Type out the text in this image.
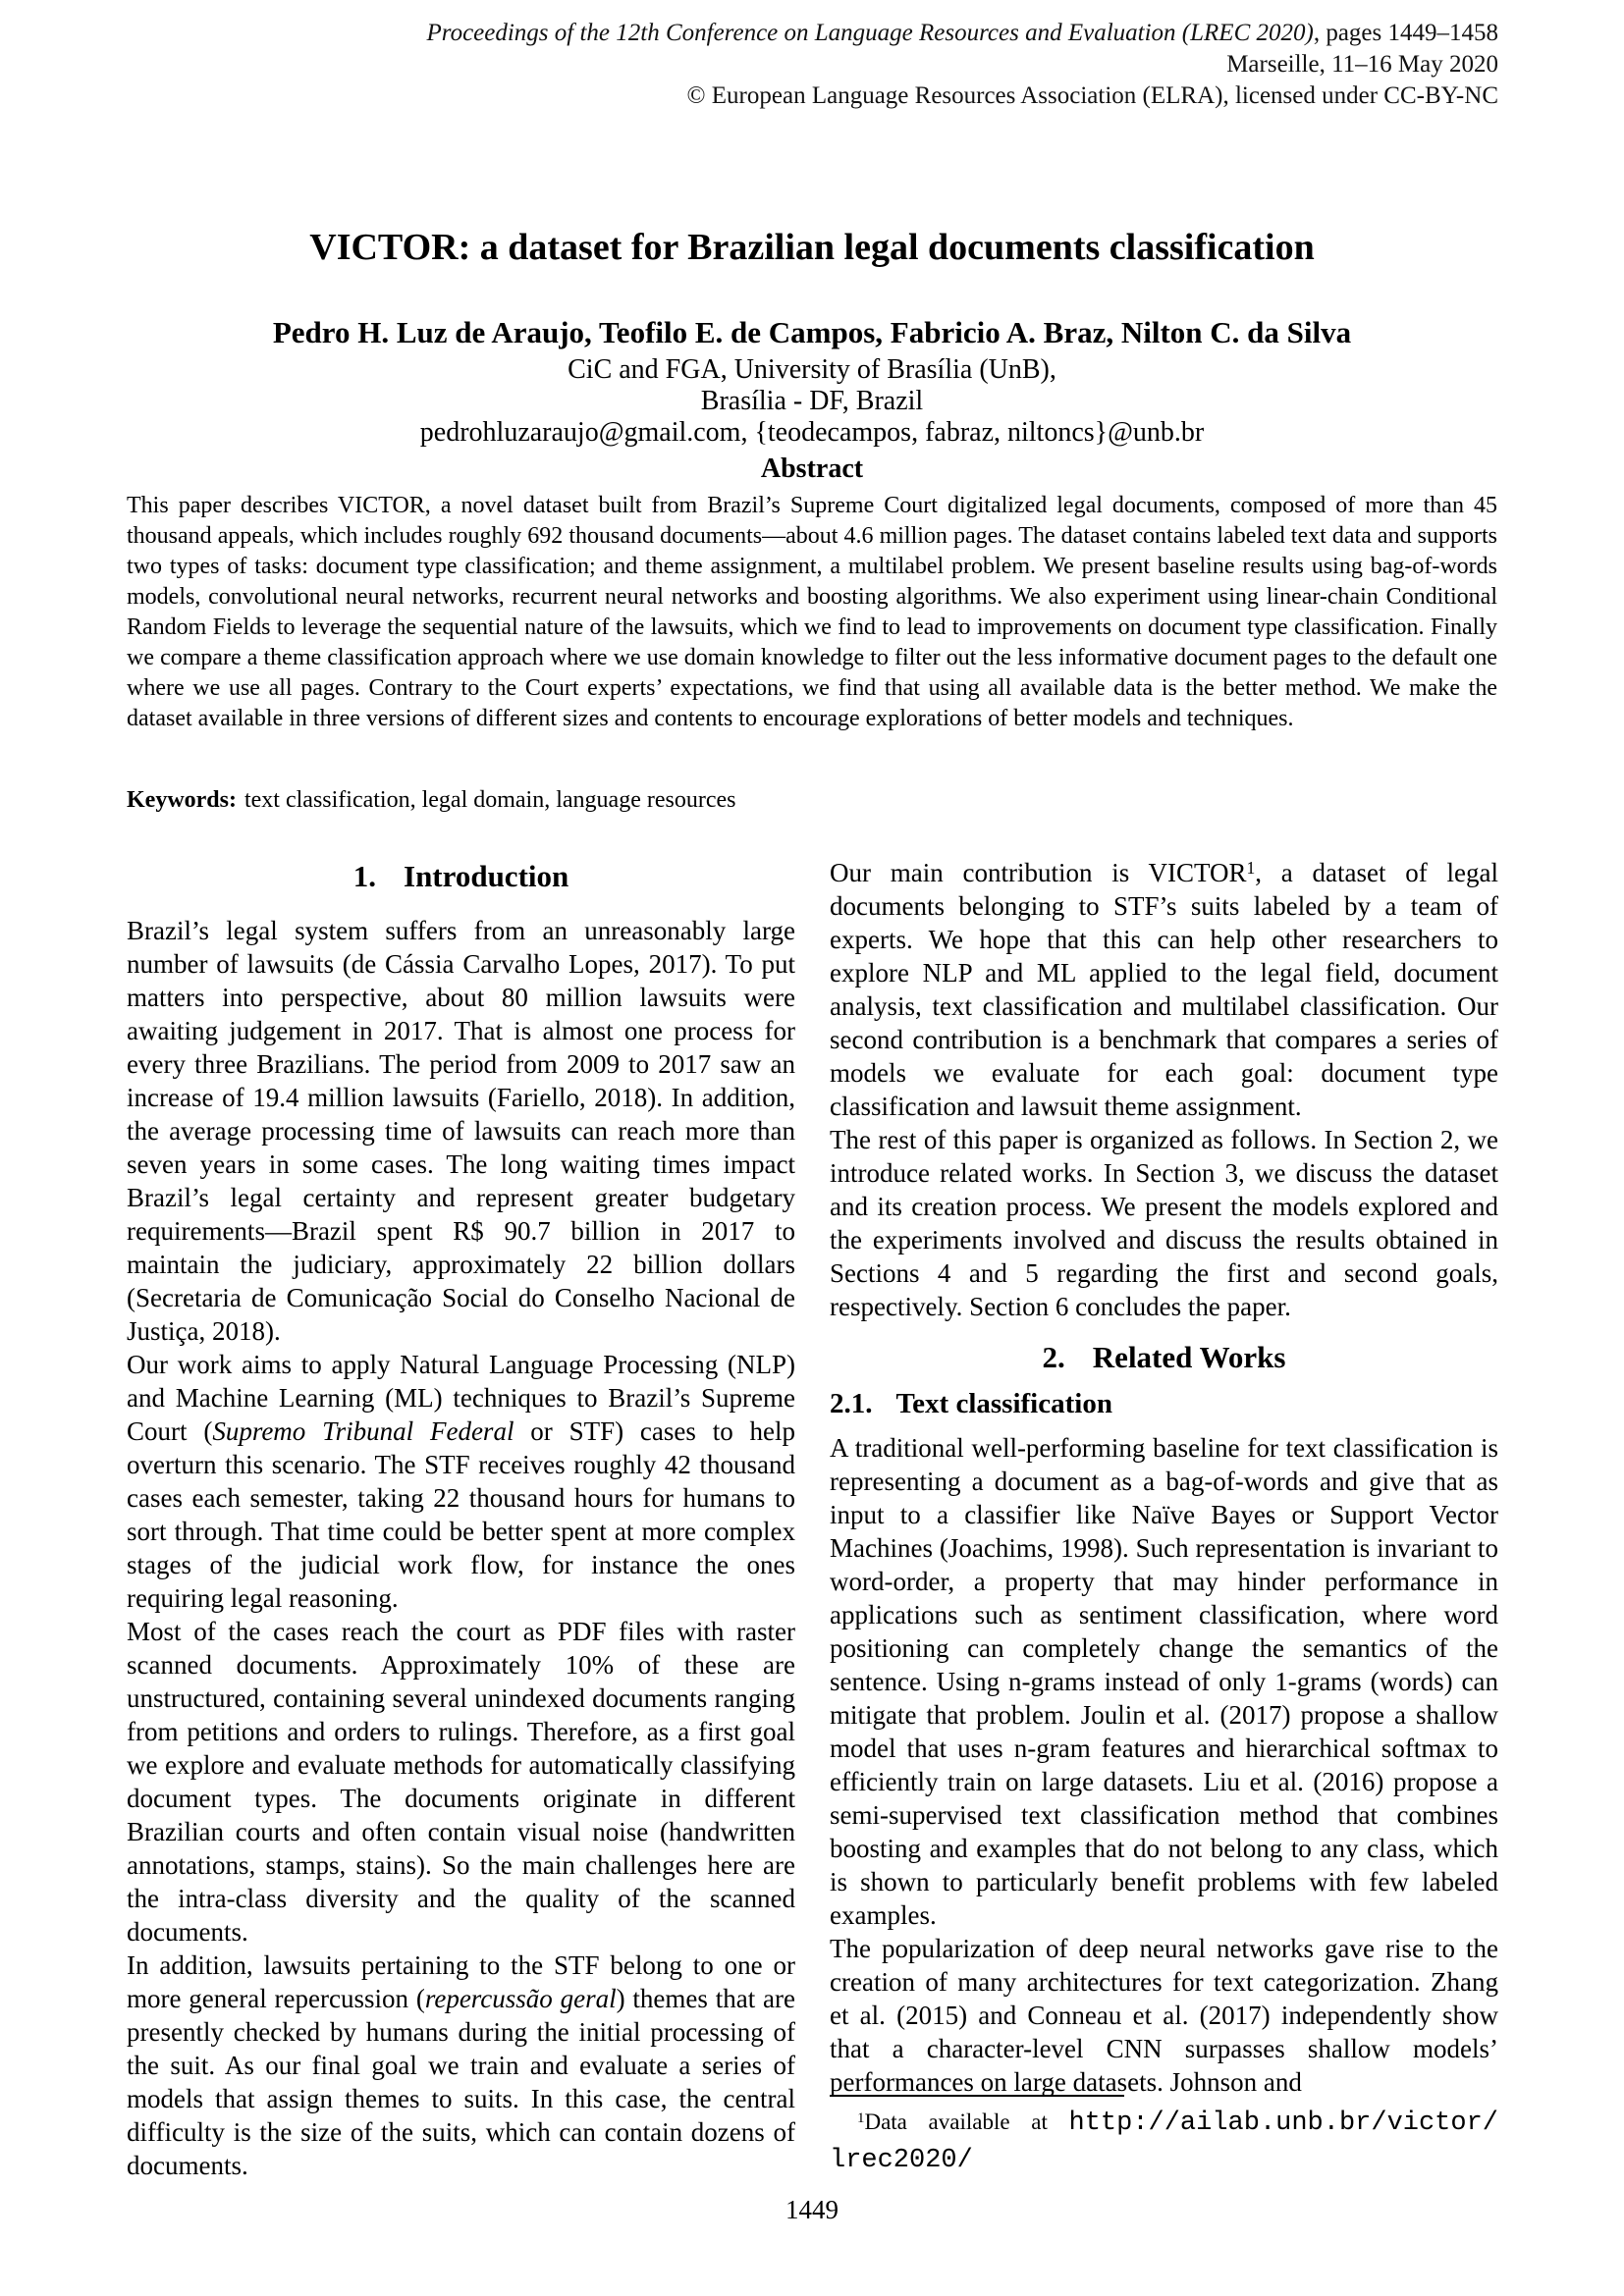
Proceedings of the 12th Conference on Language Resources and Evaluation (LREC 2020), pages 1449–1458
Marseille, 11–16 May 2020
© European Language Resources Association (ELRA), licensed under CC-BY-NC
VICTOR: a dataset for Brazilian legal documents classification
Pedro H. Luz de Araujo, Teofilo E. de Campos, Fabricio A. Braz, Nilton C. da Silva
CiC and FGA, University of Brasília (UnB),
Brasília - DF, Brazil
pedrohluzaraujo@gmail.com, {teodecampos, fabraz, niltoncs}@unb.br
Abstract
This paper describes VICTOR, a novel dataset built from Brazil’s Supreme Court digitalized legal documents, composed of more than 45 thousand appeals, which includes roughly 692 thousand documents—about 4.6 million pages. The dataset contains labeled text data and supports two types of tasks: document type classification; and theme assignment, a multilabel problem. We present baseline results using bag-of-words models, convolutional neural networks, recurrent neural networks and boosting algorithms. We also experiment using linear-chain Conditional Random Fields to leverage the sequential nature of the lawsuits, which we find to lead to improvements on document type classification. Finally we compare a theme classification approach where we use domain knowledge to filter out the less informative document pages to the default one where we use all pages. Contrary to the Court experts’ expectations, we find that using all available data is the better method. We make the dataset available in three versions of different sizes and contents to encourage explorations of better models and techniques.
Keywords: text classification, legal domain, language resources
1. Introduction

Brazil’s legal system suffers from an unreasonably large number of lawsuits (de Cássia Carvalho Lopes, 2017). To put matters into perspective, about 80 million lawsuits were awaiting judgement in 2017. That is almost one process for every three Brazilians. The period from 2009 to 2017 saw an increase of 19.4 million lawsuits (Fariello, 2018). In addition, the average processing time of lawsuits can reach more than seven years in some cases. The long waiting times impact Brazil’s legal certainty and represent greater budgetary requirements—Brazil spent R$ 90.7 billion in 2017 to maintain the judiciary, approximately 22 billion dollars (Secretaria de Comunicação Social do Conselho Nacional de Justiça, 2018).

Our work aims to apply Natural Language Processing (NLP) and Machine Learning (ML) techniques to Brazil’s Supreme Court (Supremo Tribunal Federal or STF) cases to help overturn this scenario. The STF receives roughly 42 thousand cases each semester, taking 22 thousand hours for humans to sort through. That time could be better spent at more complex stages of the judicial work flow, for instance the ones requiring legal reasoning.

Most of the cases reach the court as PDF files with raster scanned documents. Approximately 10% of these are unstructured, containing several unindexed documents ranging from petitions and orders to rulings. Therefore, as a first goal we explore and evaluate methods for automatically classifying document types. The documents originate in different Brazilian courts and often contain visual noise (handwritten annotations, stamps, stains). So the main challenges here are the intra-class diversity and the quality of the scanned documents.

In addition, lawsuits pertaining to the STF belong to one or more general repercussion (repercussão geral) themes that are presently checked by humans during the initial processing of the suit. As our final goal we train and evaluate a series of models that assign themes to suits. In this case, the central difficulty is the size of the suits, which can contain dozens of documents.

Our main contribution is VICTOR$^1$, a dataset of legal documents belonging to STF’s suits labeled by a team of experts. We hope that this can help other researchers to explore NLP and ML applied to the legal field, document analysis, text classification and multilabel classification. Our second contribution is a benchmark that compares a series of models we evaluate for each goal: document type classification and lawsuit theme assignment.

The rest of this paper is organized as follows. In Section 2, we introduce related works. In Section 3, we discuss the dataset and its creation process. We present the models explored and the experiments involved and discuss the results obtained in Sections 4 and 5 regarding the first and second goals, respectively. Section 6 concludes the paper.

2. Related Works
2.1. Text classification

A traditional well-performing baseline for text classification is representing a document as a bag-of-words and give that as input to a classifier like Naïve Bayes or Support Vector Machines (Joachims, 1998). Such representation is invariant to word-order, a property that may hinder performance in applications such as sentiment classification, where word positioning can completely change the semantics of the sentence. Using n-grams instead of only 1-grams (words) can mitigate that problem. Joulin et al. (2017) propose a shallow model that uses n-gram features and hierarchical softmax to efficiently train on large datasets. Liu et al. (2016) propose a semi-supervised text classification method that combines boosting and examples that do not belong to any class, which is shown to particularly benefit problems with few labeled examples.

The popularization of deep neural networks gave rise to the creation of many architectures for text categorization. Zhang et al. (2015) and Conneau et al. (2017) independently show that a character-level CNN surpasses shallow models’ performances on large datasets. Johnson and

$^1$Data available at http://ailab.unb.br/victor/
lrec2020/
1449
